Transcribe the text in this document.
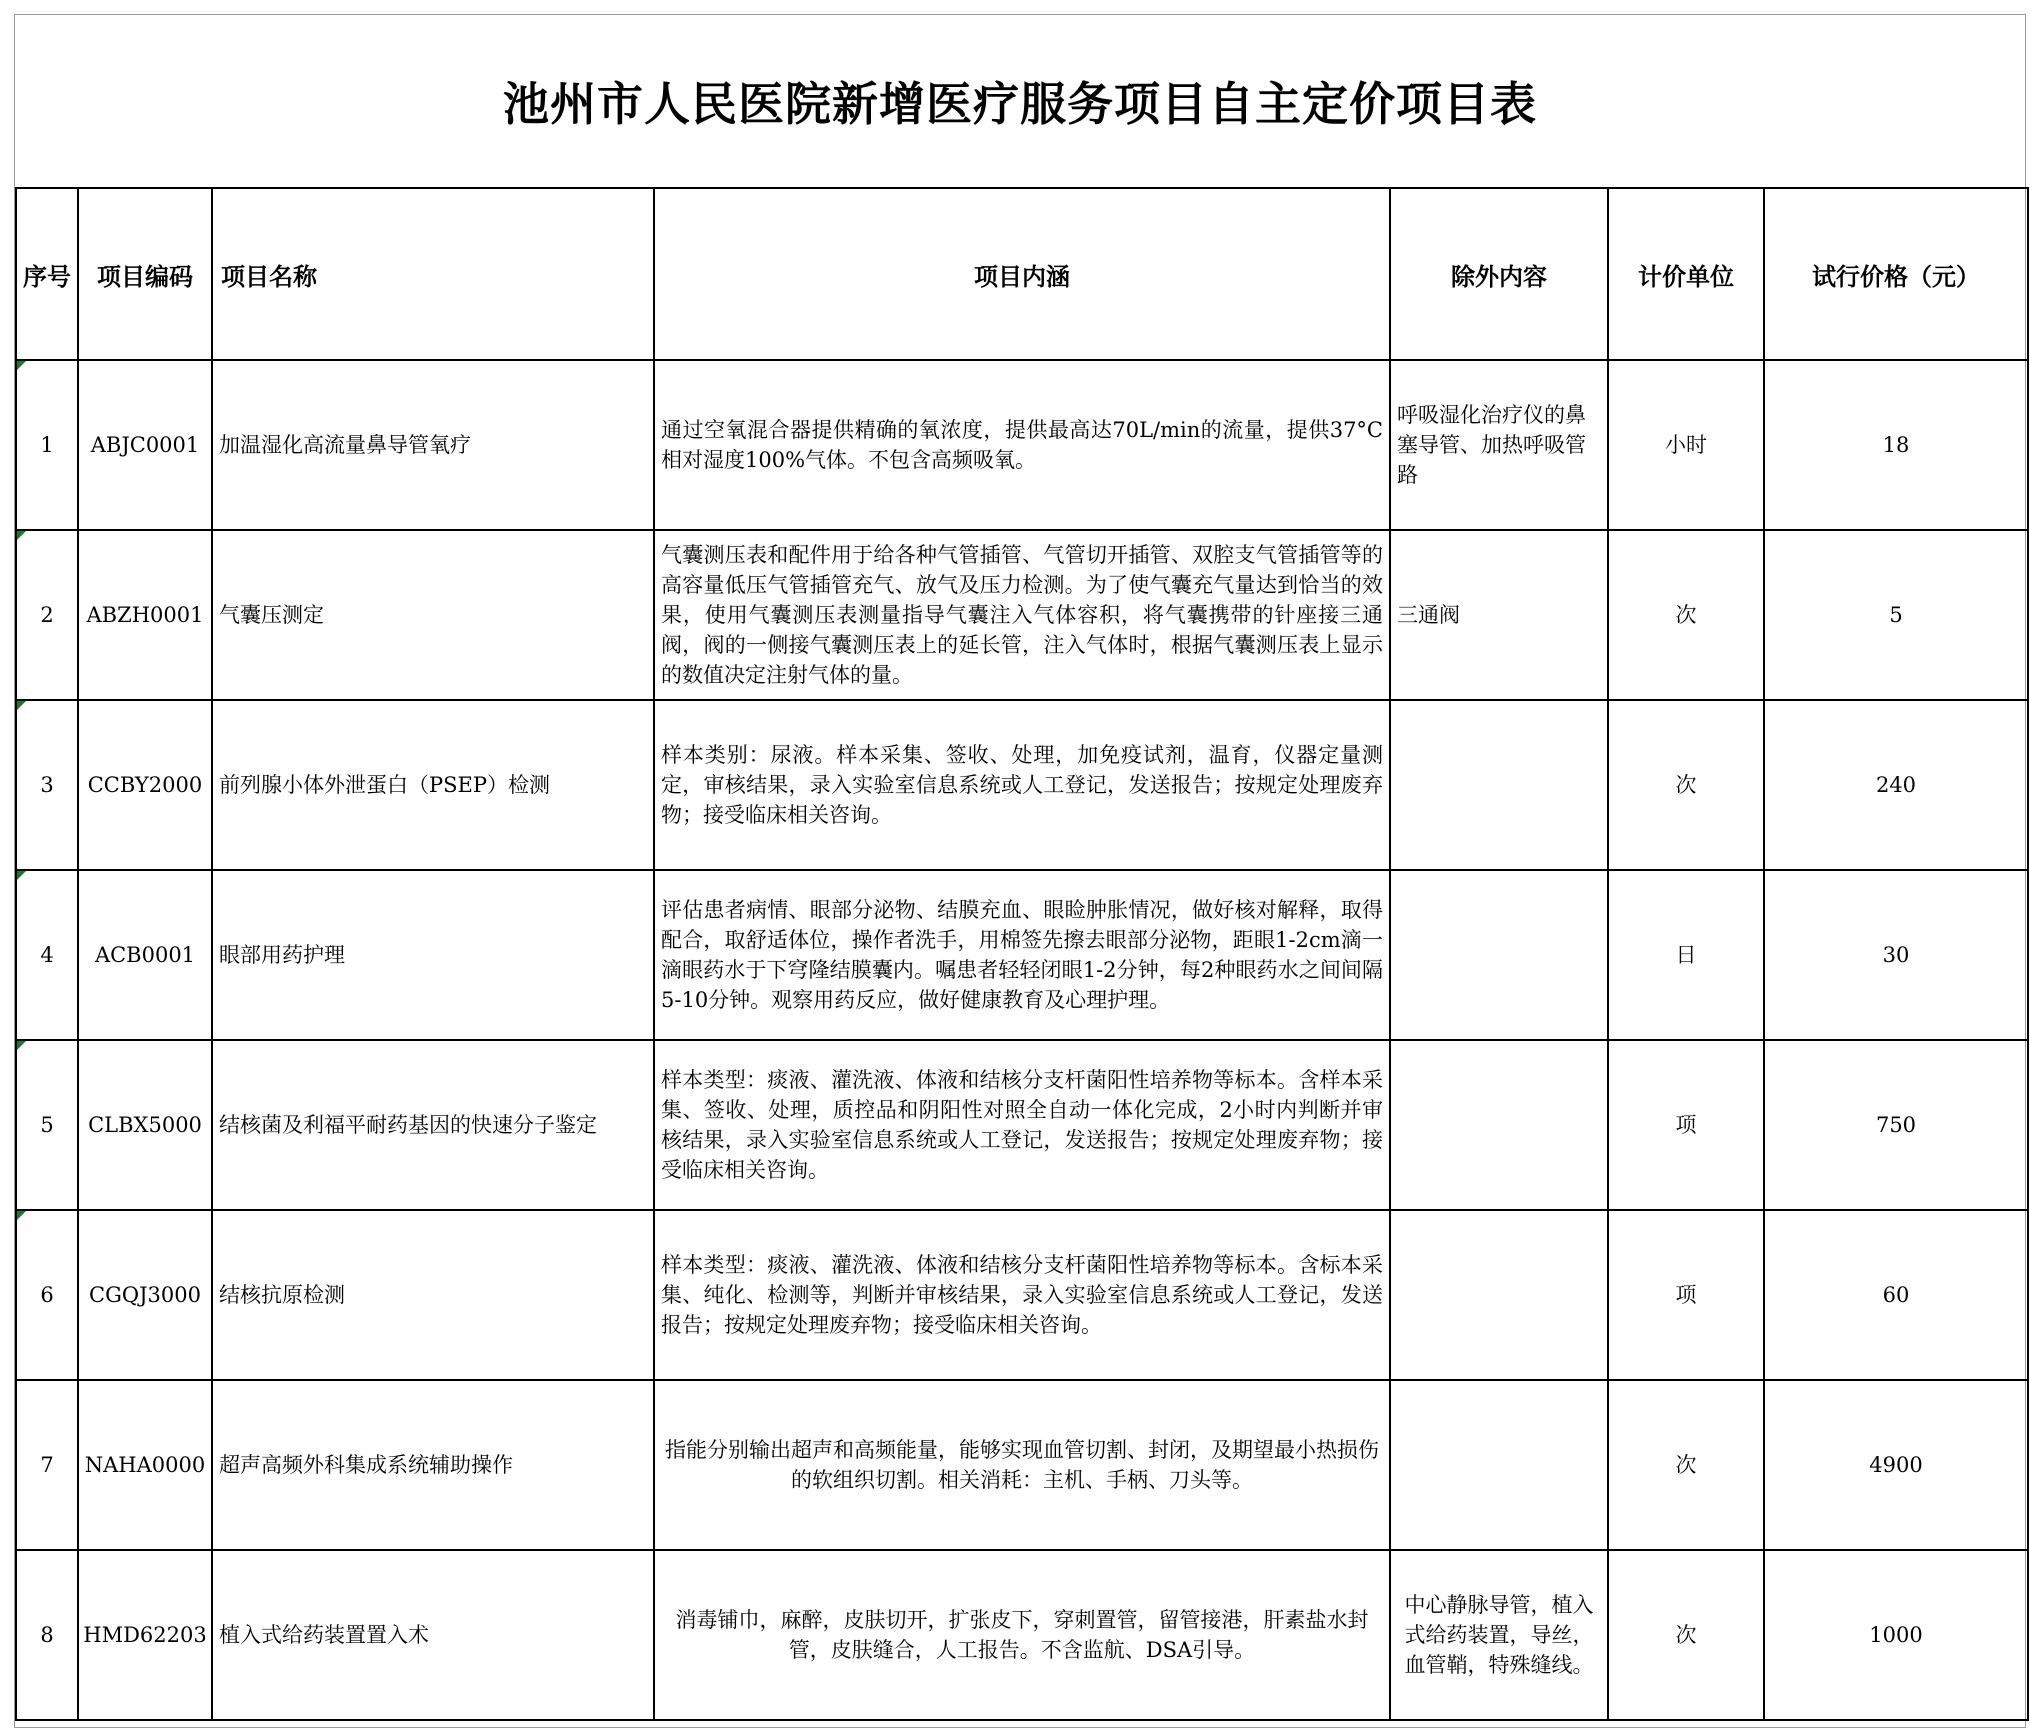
池州市人民医院新增医疗服务项目自主定价项目表
序号	项目编码	项目名称	项目内涵	除外内容	计价单位	试行价格（元）

1	ABJC0001	加温湿化高流量鼻导管氧疗	通过空氧混合器提供精确的氧浓度，提供最高达70L/min的流量，提供37°C相对湿度100%气体。不包含高频吸氧。	呼吸湿化治疗仪的鼻塞导管、加热呼吸管路	小时	18

2	ABZH0001	气囊压测定	气囊测压表和配件用于给各种气管插管、气管切开插管、双腔支气管插管等的高容量低压气管插管充气、放气及压力检测。为了使气囊充气量达到恰当的效果，使用气囊测压表测量指导气囊注入气体容积，将气囊携带的针座接三通阀，阀的一侧接气囊测压表上的延长管，注入气体时，根据气囊测压表上显示的数值决定注射气体的量。	三通阀	次	5

3	CCBY2000	前列腺小体外泄蛋白（PSEP）检测	样本类别：尿液。样本采集、签收、处理，加免疫试剂，温育，仪器定量测定，审核结果，录入实验室信息系统或人工登记，发送报告；按规定处理废弃物；接受临床相关咨询。		次	240

4	ACB0001	眼部用药护理	评估患者病情、眼部分泌物、结膜充血、眼睑肿胀情况，做好核对解释，取得配合，取舒适体位，操作者洗手，用棉签先擦去眼部分泌物，距眼1-2cm滴一滴眼药水于下穹隆结膜囊内。嘱患者轻轻闭眼1-2分钟，每2种眼药水之间间隔5-10分钟。观察用药反应，做好健康教育及心理护理。		日	30

5	CLBX5000	结核菌及利福平耐药基因的快速分子鉴定	样本类型：痰液、灌洗液、体液和结核分支杆菌阳性培养物等标本。含样本采集、签收、处理，质控品和阴阳性对照全自动一体化完成，2小时内判断并审核结果，录入实验室信息系统或人工登记，发送报告；按规定处理废弃物；接受临床相关咨询。		项	750

6	CGQJ3000	结核抗原检测	样本类型：痰液、灌洗液、体液和结核分支杆菌阳性培养物等标本。含标本采集、纯化、检测等，判断并审核结果，录入实验室信息系统或人工登记，发送报告；按规定处理废弃物；接受临床相关咨询。		项	60
7	NAHA0000	超声高频外科集成系统辅助操作	指能分别输出超声和高频能量，能够实现血管切割、封闭，及期望最小热损伤的软组织切割。相关消耗：主机、手柄、刀头等。		次	4900
8	HMD62203	植入式给药装置置入术	消毒铺巾，麻醉，皮肤切开，扩张皮下，穿刺置管，留管接港，肝素盐水封管，皮肤缝合，人工报告。不含监航、DSA引导。	中心静脉导管，植入式给药装置，导丝，血管鞘，特殊缝线。	次	1000
